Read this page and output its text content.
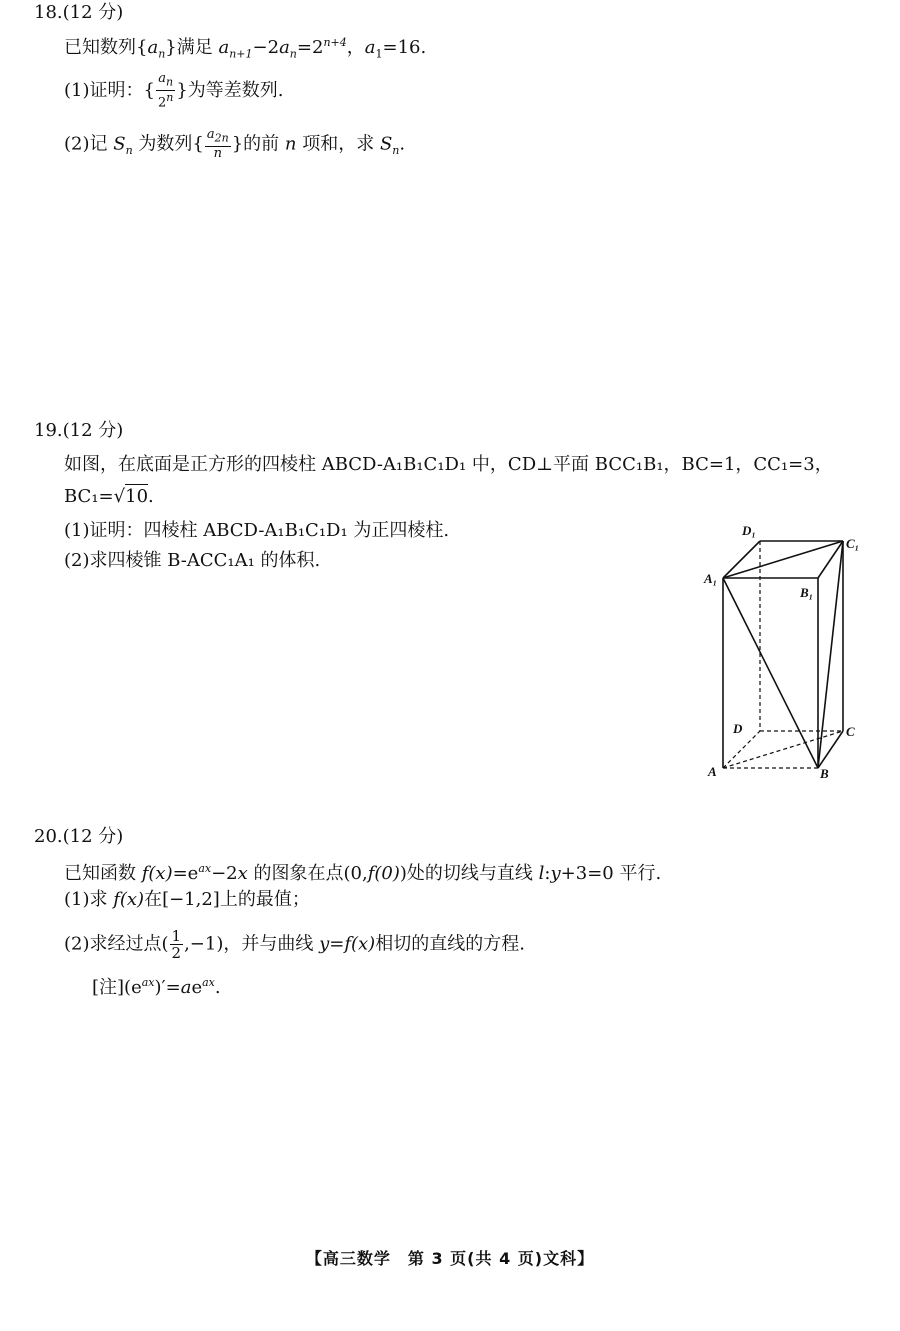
18.(12 分)
已知数列$\{a_n\}$满足 $a_{n+1}-2a_n=2^{n+4}$，$a_1=16$.
(1)证明：{ $\frac{a_n}{2^n}$ }为等差数列.
(2)记 $S_n$ 为数列{ $\frac{a_{2n}}{n}$ }的前 n 项和，求 $S_n$.
19.(12 分)
如图，在底面是正方形的四棱柱 ABCD-A₁B₁C₁D₁ 中，CD⊥平面 BCC₁B₁，BC=1，CC₁=3，
BC₁=√10.
(1)证明：四棱柱 ABCD-A₁B₁C₁D₁ 为正四棱柱.
(2)求四棱锥 B-ACC₁A₁ 的体积.
D₁
C₁
A₁
B₁
D	C
A	B
20.(12 分)
已知函数 $f(x)=e^{ax}-2x$ 的图象在点(0,f(0))处的切线与直线 l:y+3=0 平行.
(1)求 f(x)在[−1,2]上的最值；
(2)求经过点( $\frac{1}{2} ,-1$)，并与曲线 y=f(x)相切的直线的方程.
[注]$(e^{ax})'=ae^{ax}$.
【高三数学　第 3 页(共 4 页)文科】
